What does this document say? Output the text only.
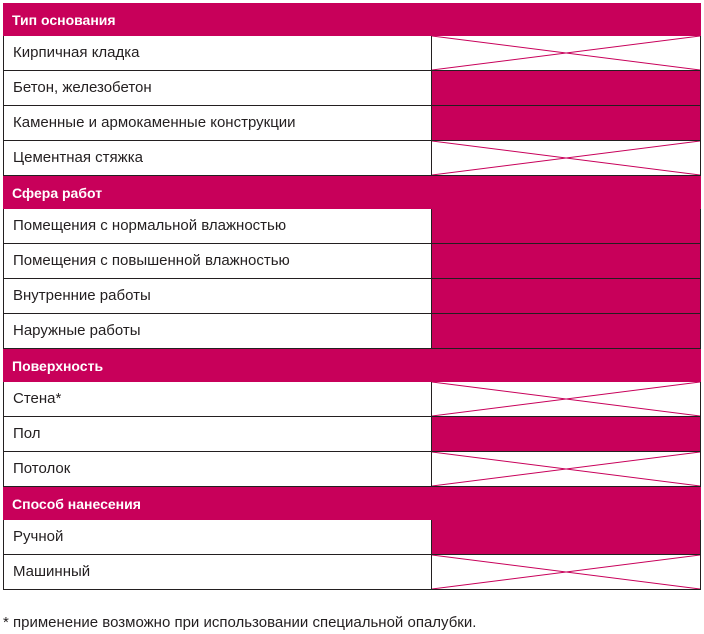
Тип основания
Кирпичная кладка
Бетон, железобетон
Каменные и армокаменные конструкции
Цементная стяжка
Сфера работ
Помещения с нормальной влажностью
Помещения с повышенной влажностью
Внутренние работы
Наружные работы
Поверхность
Стена*
Пол
Потолок
Способ нанесения
Ручной
Машинный
* применение возможно при использовании специальной опалубки.
